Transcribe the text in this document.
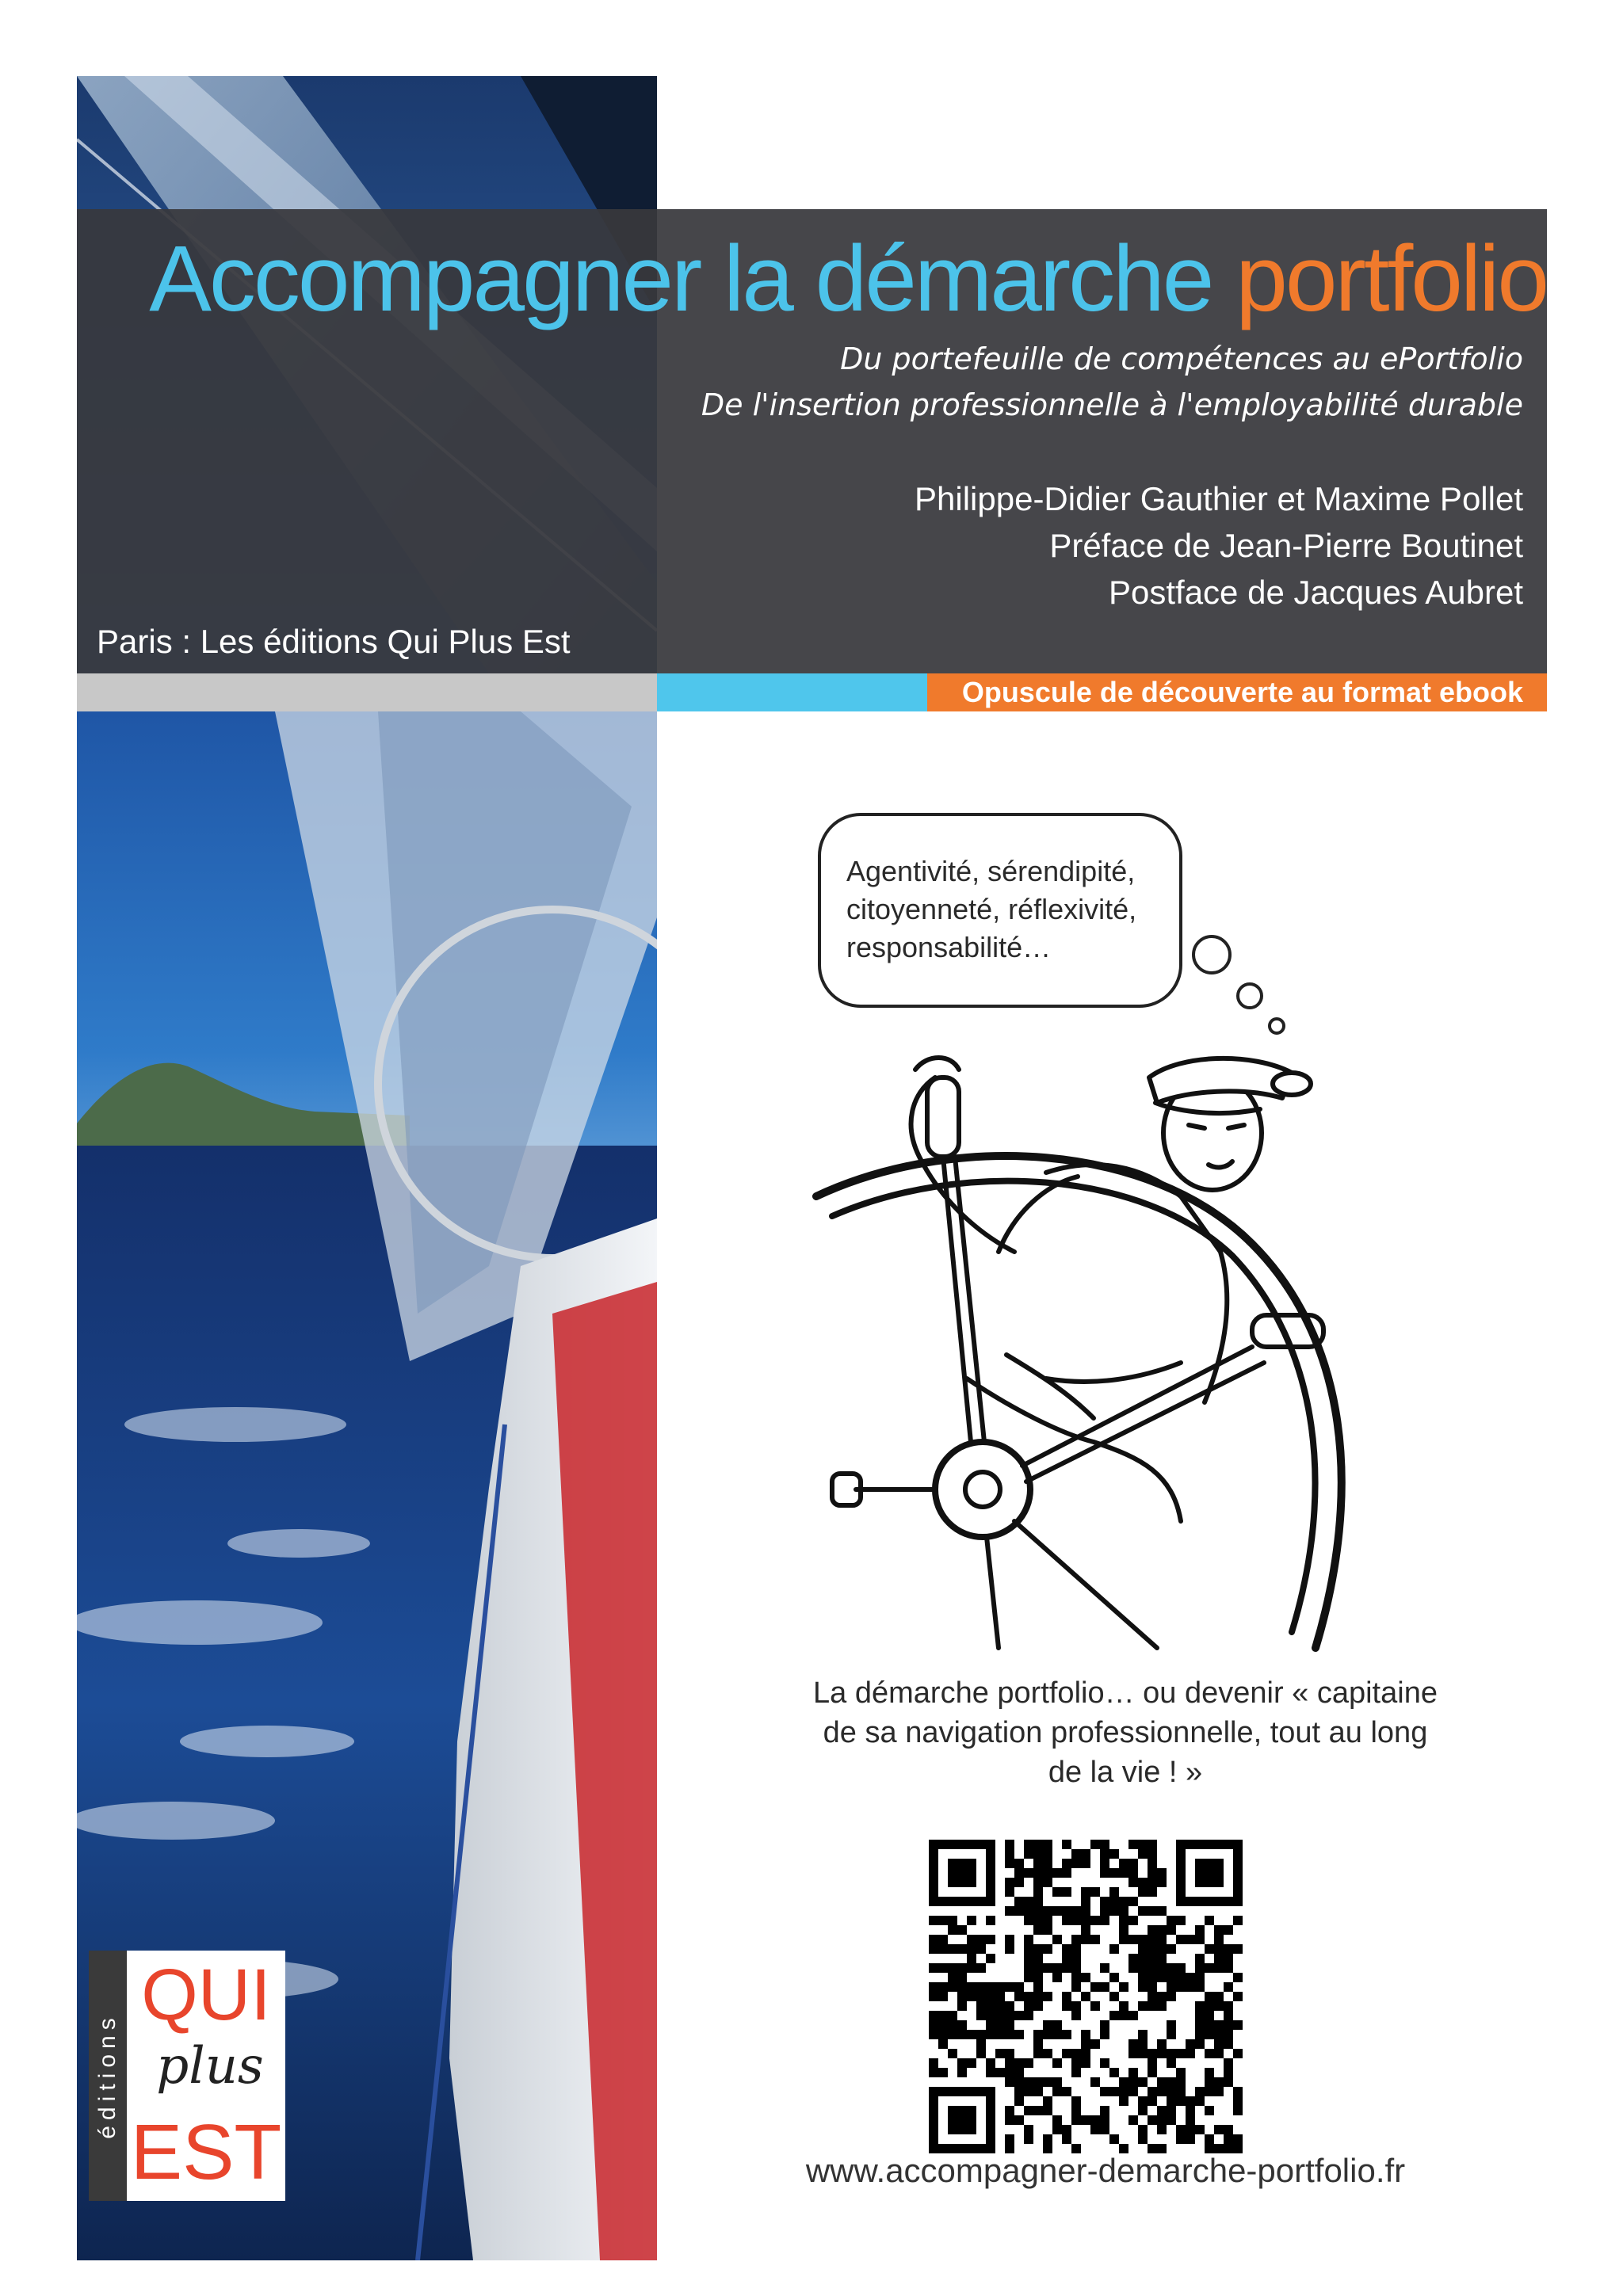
Accompagner la démarche portfolio
Du portefeuille de compétences au ePortfolio
De l'insertion professionnelle à l'employabilité durable
Philippe-Didier Gauthier et Maxime Pollet
Préface de Jean-Pierre Boutinet
Postface de Jacques Aubret
Paris : Les éditions Qui Plus Est
Opuscule de découverte au format ebook
Agentivité, sérendipité,
citoyenneté, réflexivité,
responsabilité…
La démarche portfolio… ou devenir « capitaine
de sa navigation professionnelle, tout au long
de la vie ! »
www.accompagner-demarche-portfolio.fr
éditions
QUI
plus
EST
